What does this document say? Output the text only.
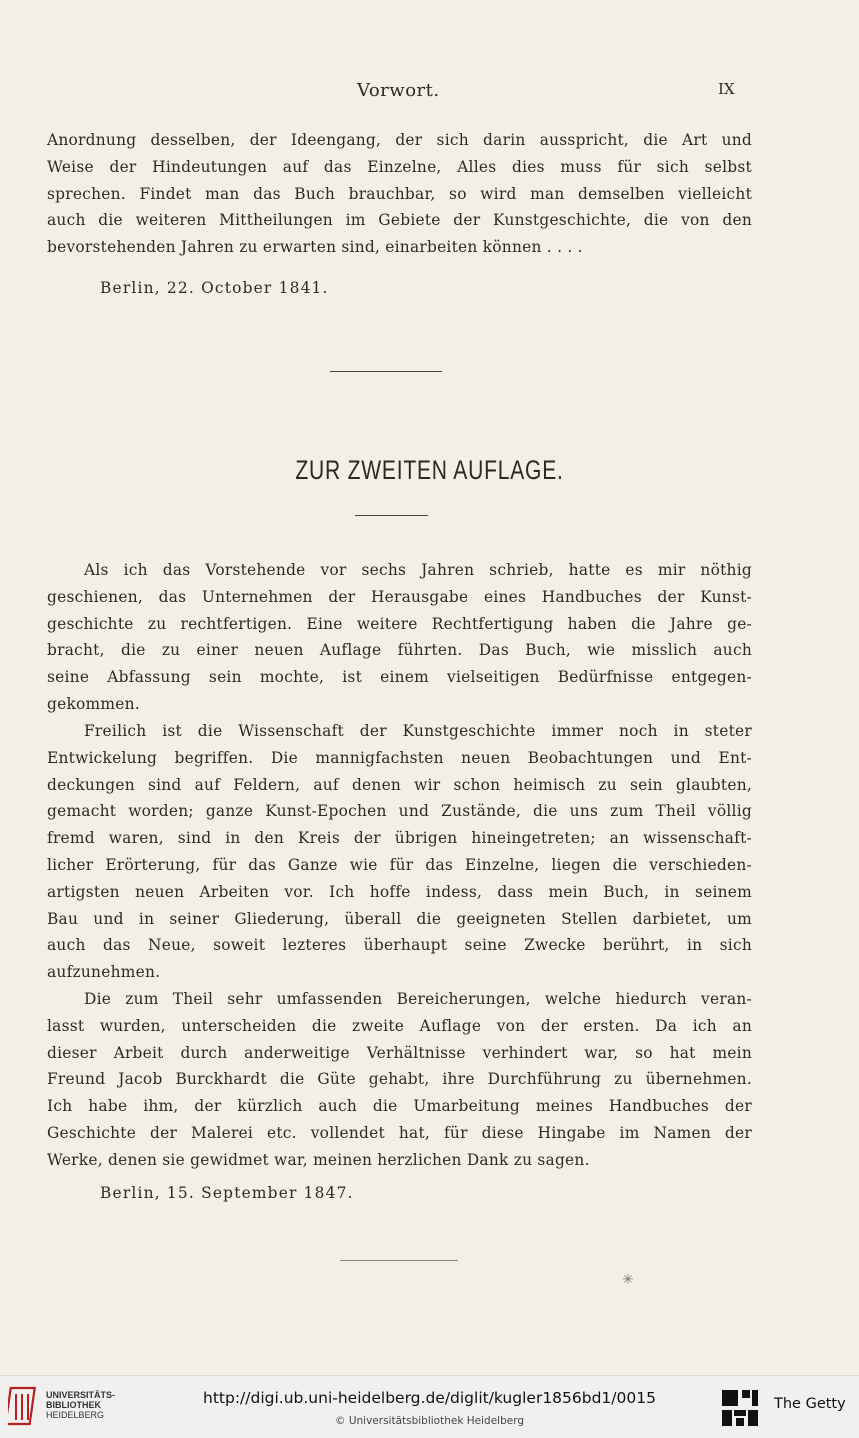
Vorwort.	IX
Anordnung desselben, der Ideengang, der sich darin ausspricht, die Art und
Weise der Hindeutungen auf das Einzelne, Alles dies muss für sich selbst
sprechen. Findet man das Buch brauchbar, so wird man demselben vielleicht
auch die weiteren Mittheilungen im Gebiete der Kunstgeschichte, die von den
bevorstehenden Jahren zu erwarten sind, einarbeiten können . . . .
Berlin, 22. October 1841.
ZUR ZWEITEN AUFLAGE.
Als ich das Vorstehende vor sechs Jahren schrieb, hatte es mir nöthig
geschienen, das Unternehmen der Herausgabe eines Handbuches der Kunst-
geschichte zu rechtfertigen. Eine weitere Rechtfertigung haben die Jahre ge-
bracht, die zu einer neuen Auflage führten. Das Buch, wie misslich auch
seine Abfassung sein mochte, ist einem vielseitigen Bedürfnisse entgegen-
gekommen.
Freilich ist die Wissenschaft der Kunstgeschichte immer noch in steter
Entwickelung begriffen. Die mannigfachsten neuen Beobachtungen und Ent-
deckungen sind auf Feldern, auf denen wir schon heimisch zu sein glaubten,
gemacht worden; ganze Kunst-Epochen und Zustände, die uns zum Theil völlig
fremd waren, sind in den Kreis der übrigen hineingetreten; an wissenschaft-
licher Erörterung, für das Ganze wie für das Einzelne, liegen die verschieden-
artigsten neuen Arbeiten vor. Ich hoffe indess, dass mein Buch, in seinem
Bau und in seiner Gliederung, überall die geeigneten Stellen darbietet, um
auch das Neue, soweit lezteres überhaupt seine Zwecke berührt, in sich
aufzunehmen.
Die zum Theil sehr umfassenden Bereicherungen, welche hiedurch veran-
lasst wurden, unterscheiden die zweite Auflage von der ersten. Da ich an
dieser Arbeit durch anderweitige Verhältnisse verhindert war, so hat mein
Freund Jacob Burckhardt die Güte gehabt, ihre Durchführung zu übernehmen.
Ich habe ihm, der kürzlich auch die Umarbeitung meines Handbuches der
Geschichte der Malerei etc. vollendet hat, für diese Hingabe im Namen der
Werke, denen sie gewidmet war, meinen herzlichen Dank zu sagen.
Berlin, 15. September 1847.
✳
UNIVERSITÄTS-
BIBLIOTHEK
HEIDELBERG
http://digi.ub.uni-heidelberg.de/diglit/kugler1856bd1/0015
© Universitätsbibliothek Heidelberg
The Getty
